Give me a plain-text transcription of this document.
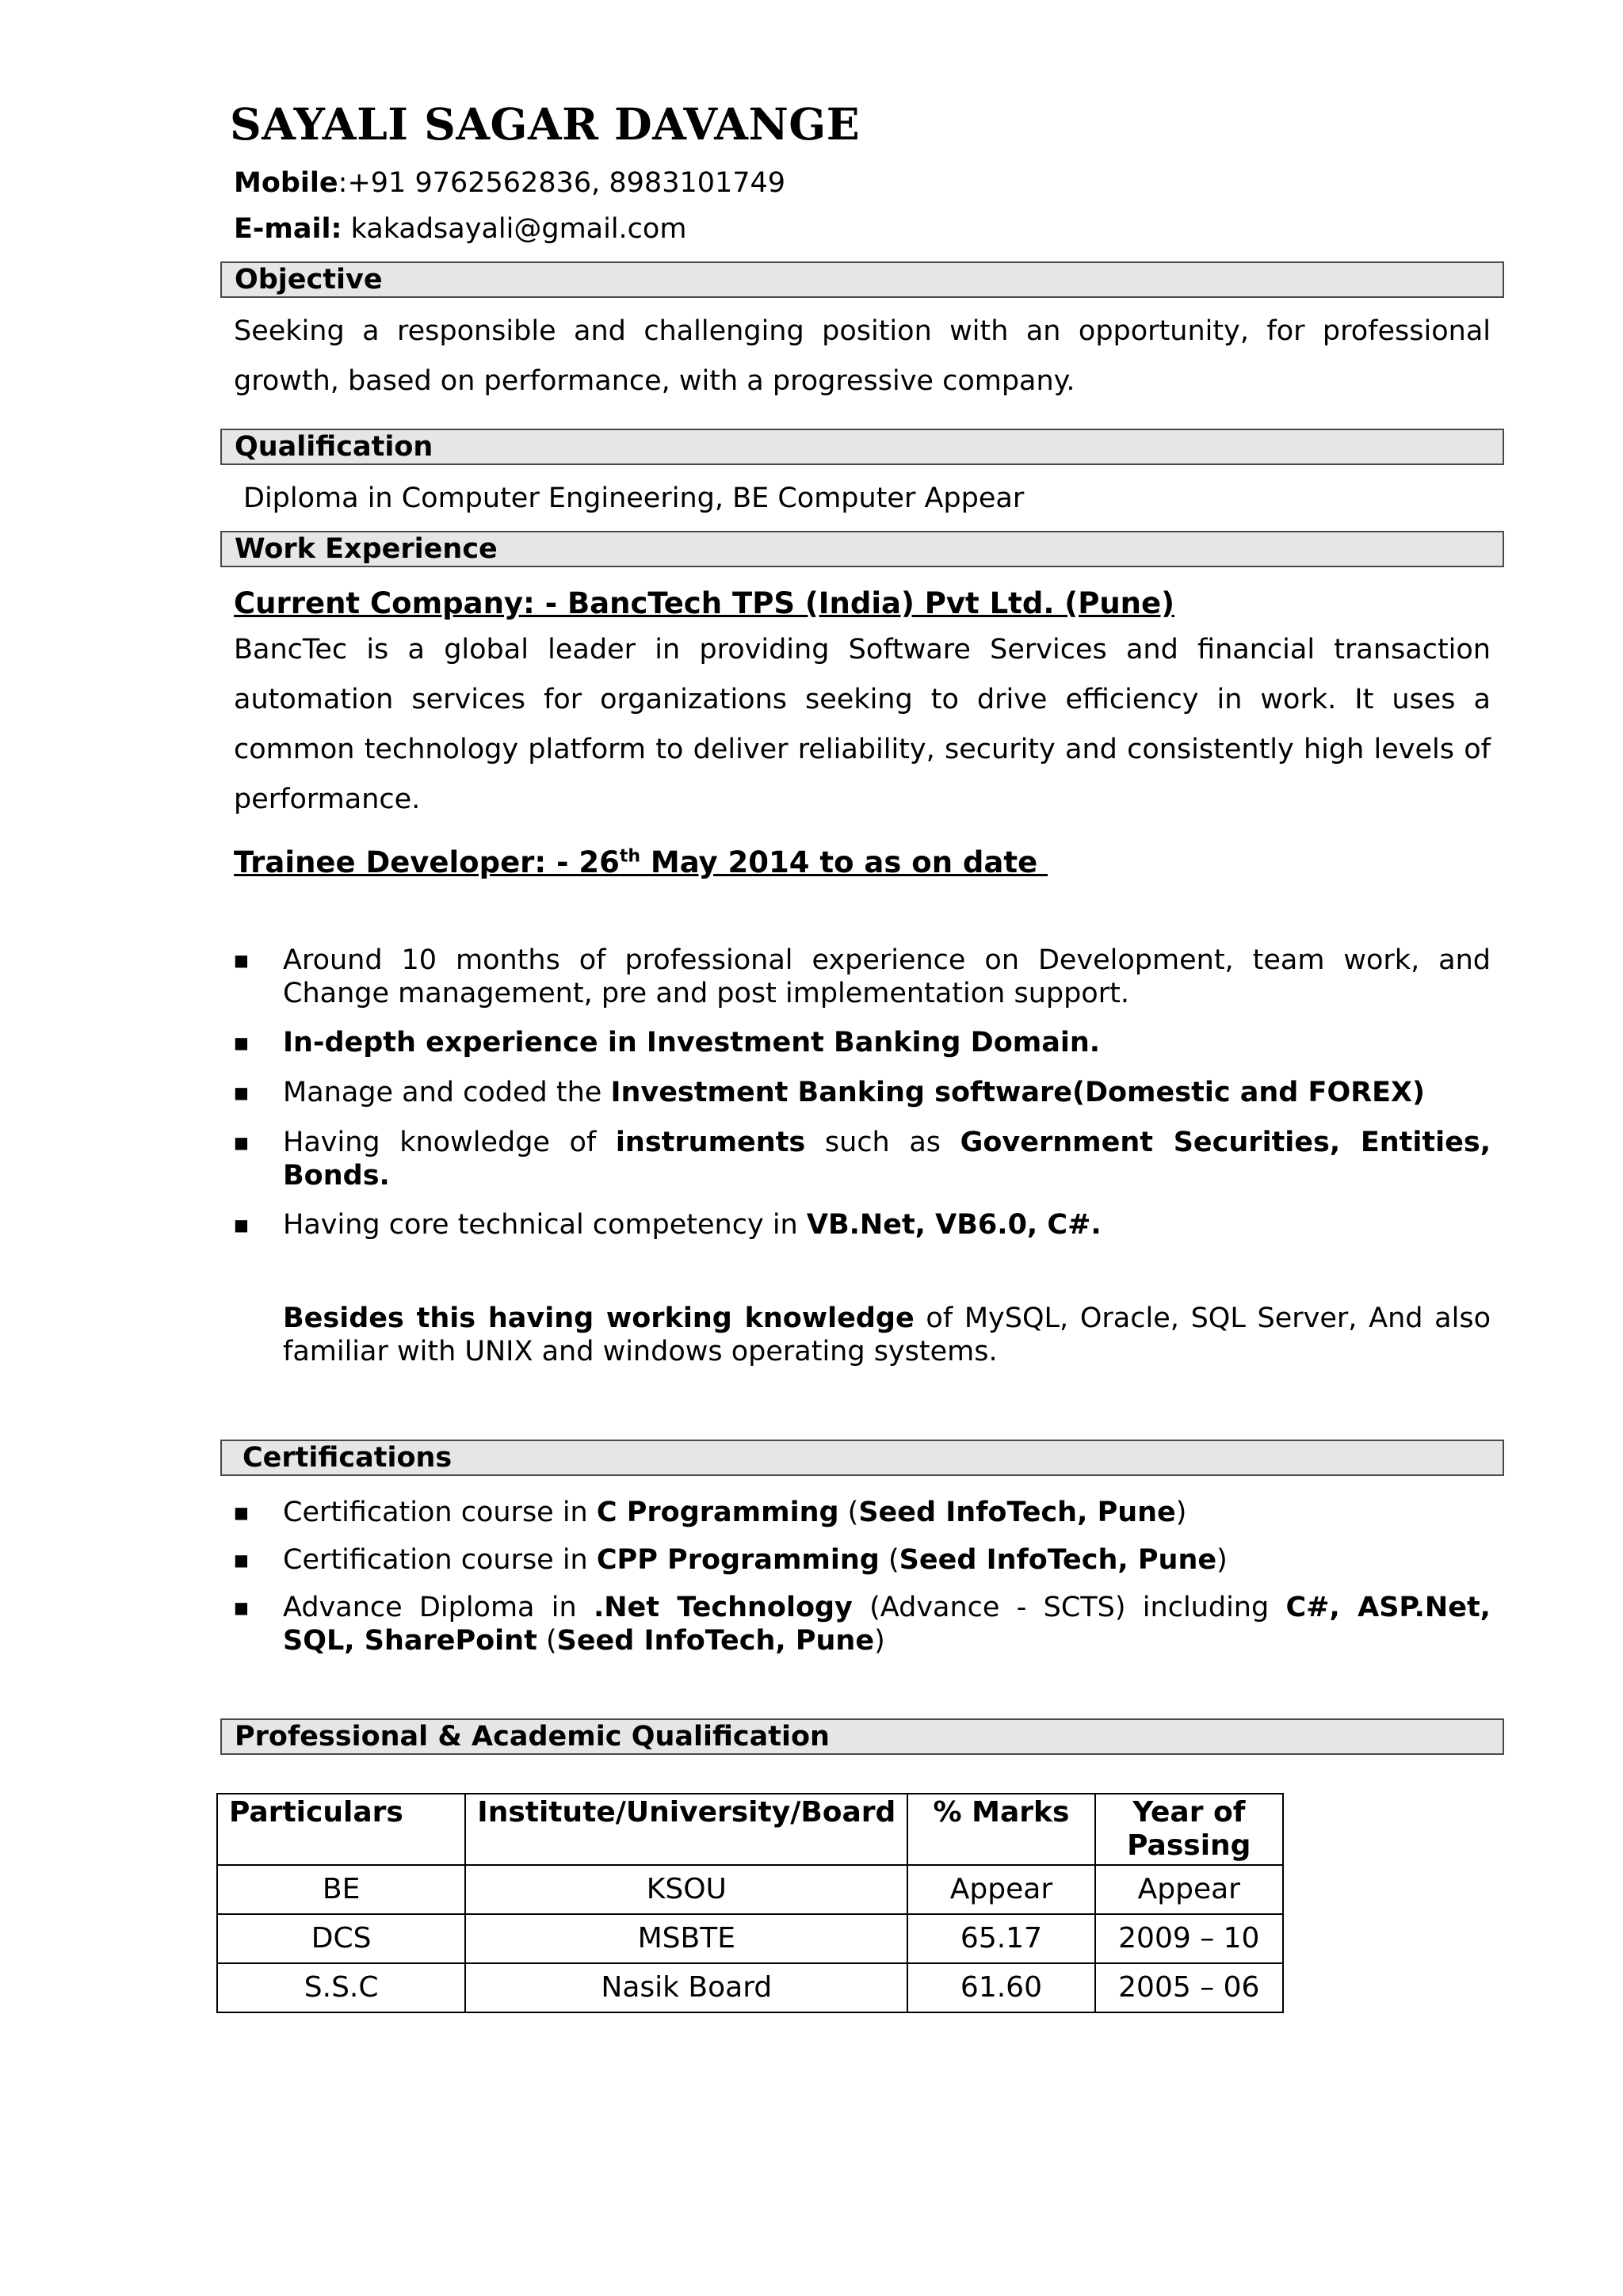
SAYALI SAGAR DAVANGE
Mobile:+91 9762562836, 8983101749
E-mail: kakadsayali@gmail.com
Objective
Seeking a responsible and challenging position with an opportunity, for professional growth, based on performance, with a progressive company.
Qualification
Diploma in Computer Engineering, BE Computer Appear
Work Experience
Current Company: - BancTech TPS (India) Pvt Ltd. (Pune)
BancTec is a global leader in providing Software Services and financial transaction automation services for organizations seeking to drive efficiency in work. It uses a common technology platform to deliver reliability, security and consistently high levels of performance.
Trainee Developer: - 26th May 2014 to as on date
■ Around 10 months of professional experience on Development, team work, and Change management, pre and post implementation support.
■ In-depth experience in Investment Banking Domain.
■ Manage and coded the Investment Banking software(Domestic and FOREX)
■ Having knowledge of instruments such as Government Securities, Entities, Bonds.
■ Having core technical competency in VB.Net, VB6.0, C#.
Besides this having working knowledge of MySQL, Oracle, SQL Server, And also familiar with UNIX and windows operating systems.
Certifications
■ Certification course in C Programming (Seed InfoTech, Pune)
■ Certification course in CPP Programming (Seed InfoTech, Pune)
■ Advance Diploma in .Net Technology (Advance - SCTS) including C#, ASP.Net, SQL, SharePoint (Seed InfoTech, Pune)
Professional & Academic Qualification
Particulars	Institute/University/Board	% Marks	Year of Passing
BE	KSOU	Appear	Appear
DCS	MSBTE	65.17	2009 – 10
S.S.C	Nasik Board	61.60	2005 – 06
